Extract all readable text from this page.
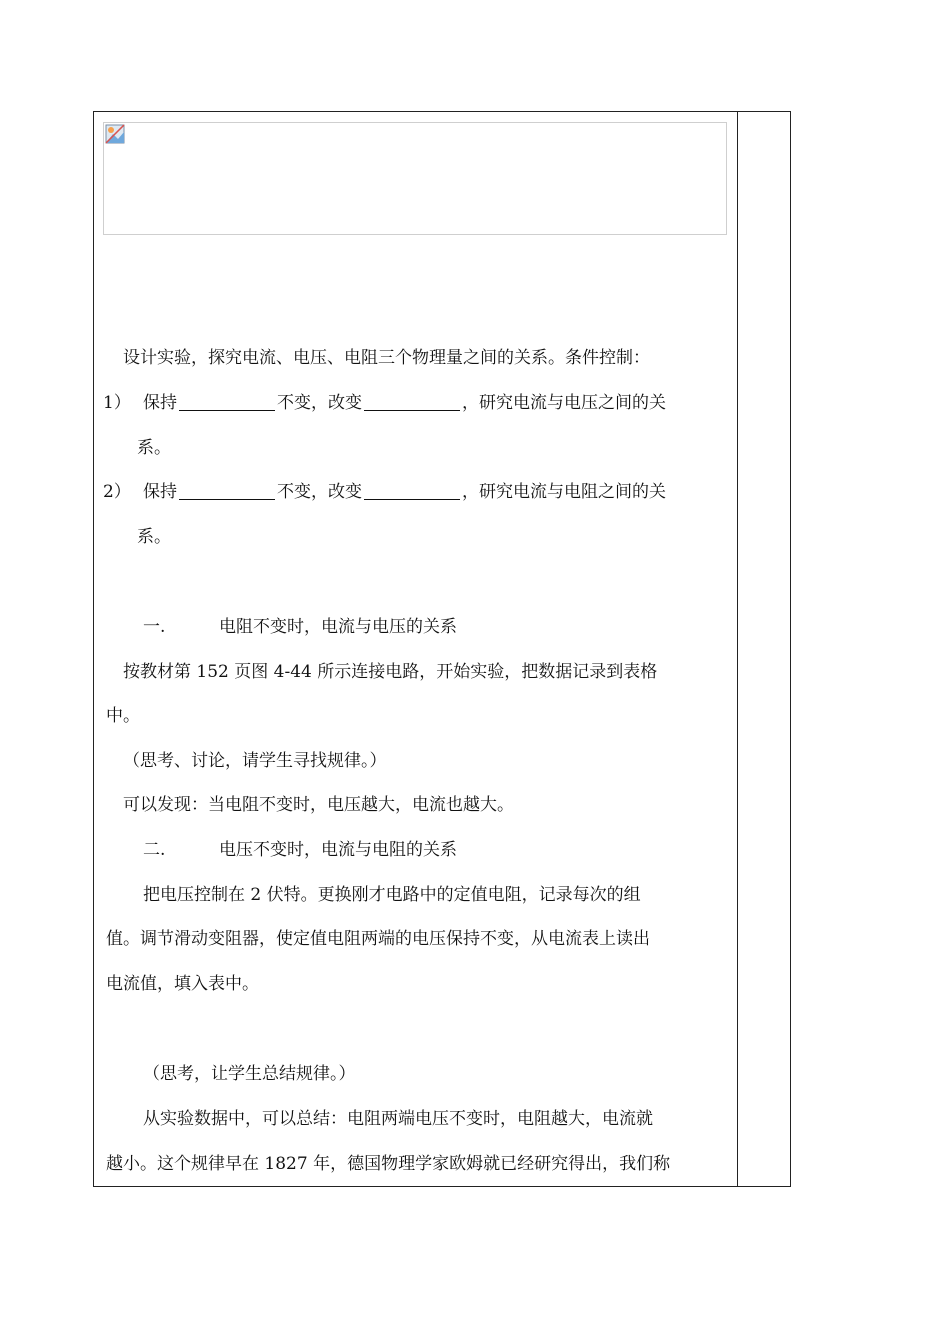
设计实验，探究电流、电压、电阻三个物理量之间的关系。条件控制：
1） 保持	不变，改变	，研究电流与电压之间的关
系。
2） 保持	不变，改变	，研究电流与电阻之间的关
系。
一.	电阻不变时，电流与电压的关系
按教材第 152 页图 4-44 所示连接电路，开始实验，把数据记录到表格
中。
（思考、讨论，请学生寻找规律。）
可以发现：当电阻不变时，电压越大，电流也越大。
二.	电压不变时，电流与电阻的关系
把电压控制在 2 伏特。更换刚才电路中的定值电阻，记录每次的组
值。调节滑动变阻器，使定值电阻两端的电压保持不变，从电流表上读出
电流值，填入表中。
（思考，让学生总结规律。）
从实验数据中，可以总结：电阻两端电压不变时，电阻越大，电流就
越小。这个规律早在 1827 年，德国物理学家欧姆就已经研究得出，我们称
